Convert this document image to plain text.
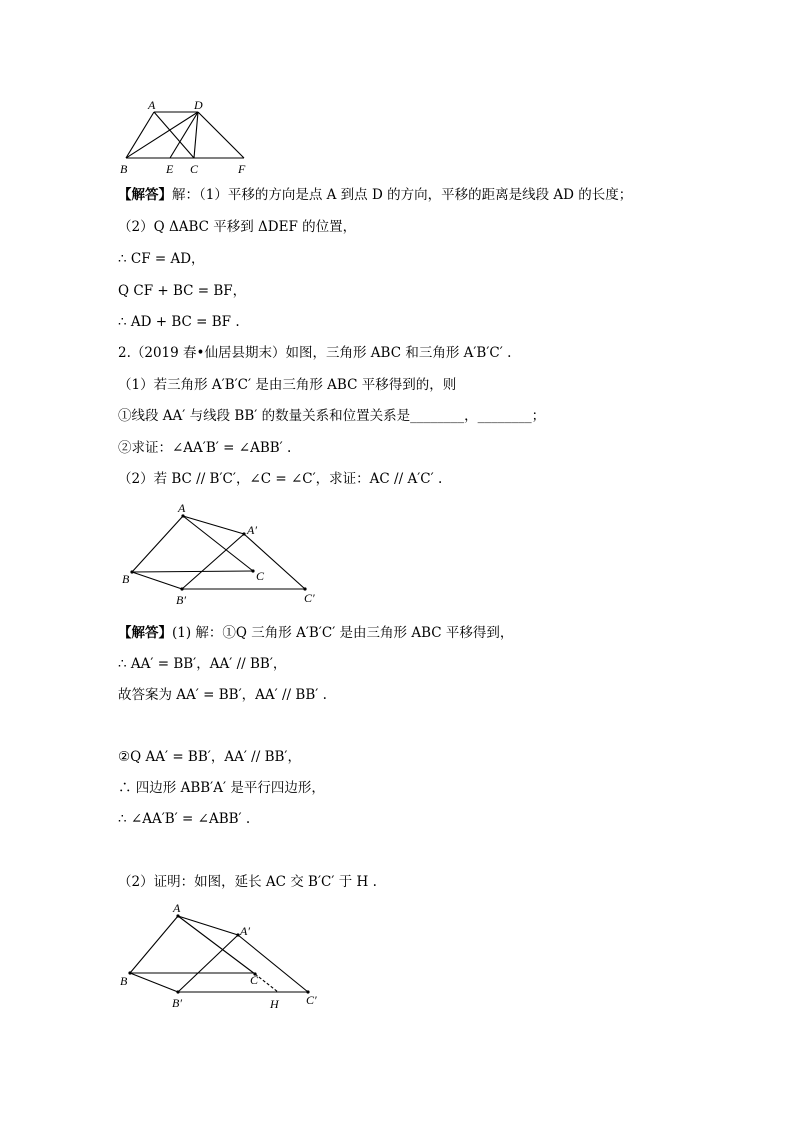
A	D
B	E C	F
【解答】解：（1）平移的方向是点 A 到点 D 的方向，平移的距离是线段 AD 的长度；
（2）Q ΔABC 平移到 ΔDEF 的位置，
∴ CF = AD，
Q CF + BC = BF，
∴ AD + BC = BF .
2.（2019 春•仙居县期末）如图，三角形 ABC 和三角形 A′B′C′ .
（1）若三角形 A′B′C′ 是由三角形 ABC 平移得到的，则
①线段 AA′ 与线段 BB′ 的数量关系和位置关系是________，________；
②求证：∠AA′B′ = ∠ABB′ .
（2）若 BC // B′C′，∠C = ∠C′，求证：AC // A′C′ .
A
A′
B	C
B′	C′
【解答】(1) 解：①Q 三角形 A′B′C′ 是由三角形 ABC 平移得到，
∴ AA′ = BB′，AA′ // BB′，
故答案为 AA′ = BB′，AA′ // BB′ .
②Q AA′ = BB′，AA′ // BB′，
∴ 四边形 ABB′A′ 是平行四边形，
∴ ∠AA′B′ = ∠ABB′ .
（2）证明：如图，延长 AC 交 B′C′ 于 H .
A
A′
B	C
B′	H C′
